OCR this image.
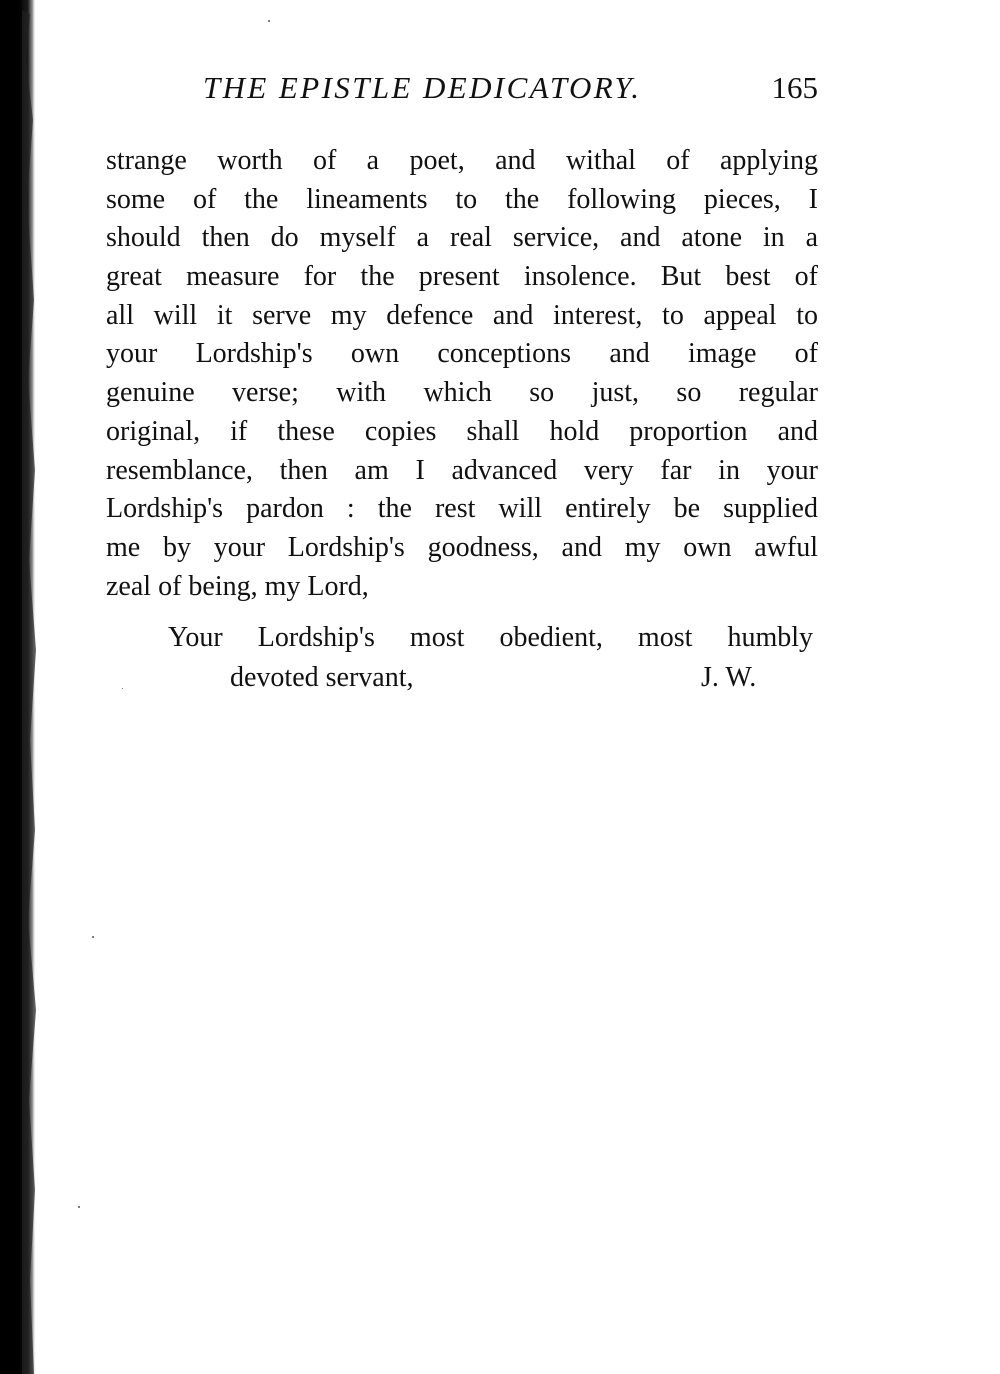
THE EPISTLE DEDICATORY.	165
strange worth of a poet, and withal of applying
some of the lineaments to the following pieces, I
should then do myself a real service, and atone in a
great measure for the present insolence. But best of
all will it serve my defence and interest, to appeal to
your Lordship's own conceptions and image of
genuine verse; with which so just, so regular
original, if these copies shall hold proportion and
resemblance, then am I advanced very far in your
Lordship's pardon : the rest will entirely be supplied
me by your Lordship's goodness, and my own awful
zeal of being, my Lord,
Your Lordship's most obedient, most humbly
devoted servant,	J. W.
